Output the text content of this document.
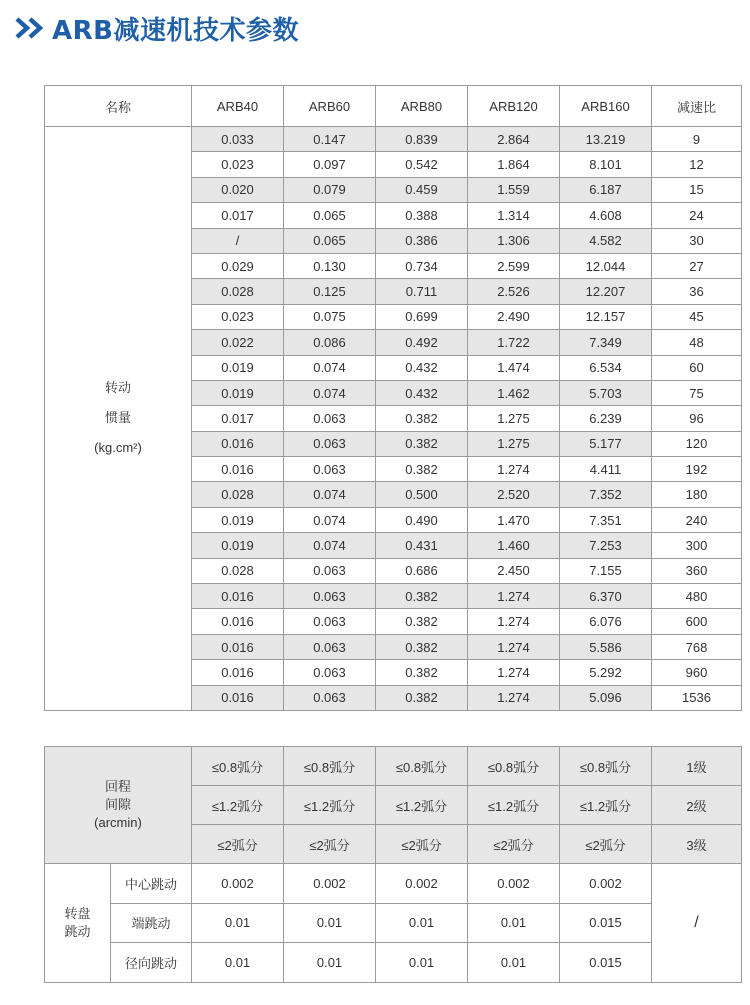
ARB减速机技术参数
名称	ARB40	ARB60	ARB80	ARB120	ARB160	减速比

转动
惯量
(kg.cm²)	0.033	0.147	0.839	2.864	13.219	9
	0.023	0.097	0.542	1.864	8.101	12
	0.020	0.079	0.459	1.559	6.187	15
	0.017	0.065	0.388	1.314	4.608	24
	/	0.065	0.386	1.306	4.582	30
	0.029	0.130	0.734	2.599	12.044	27
	0.028	0.125	0.711	2.526	12.207	36
	0.023	0.075	0.699	2.490	12.157	45
	0.022	0.086	0.492	1.722	7.349	48
	0.019	0.074	0.432	1.474	6.534	60
	0.019	0.074	0.432	1.462	5.703	75
	0.017	0.063	0.382	1.275	6.239	96
	0.016	0.063	0.382	1.275	5.177	120
	0.016	0.063	0.382	1.274	4.411	192
	0.028	0.074	0.500	2.520	7.352	180
	0.019	0.074	0.490	1.470	7.351	240
	0.019	0.074	0.431	1.460	7.253	300
	0.028	0.063	0.686	2.450	7.155	360
	0.016	0.063	0.382	1.274	6.370	480
	0.016	0.063	0.382	1.274	6.076	600
	0.016	0.063	0.382	1.274	5.586	768
	0.016	0.063	0.382	1.274	5.292	960
	0.016	0.063	0.382	1.274	5.096	1536
回程
间隙
(arcmin)		≤0.8弧分	≤0.8弧分	≤0.8弧分	≤0.8弧分	≤0.8弧分	1级
		≤1.2弧分	≤1.2弧分	≤1.2弧分	≤1.2弧分	≤1.2弧分	2级
		≤2弧分	≤2弧分	≤2弧分	≤2弧分	≤2弧分	3级

转盘
跳动	中心跳动	0.002	0.002	0.002	0.002	0.002	/
	端跳动	0.01	0.01	0.01	0.01	0.015	
	径向跳动	0.01	0.01	0.01	0.01	0.015	
